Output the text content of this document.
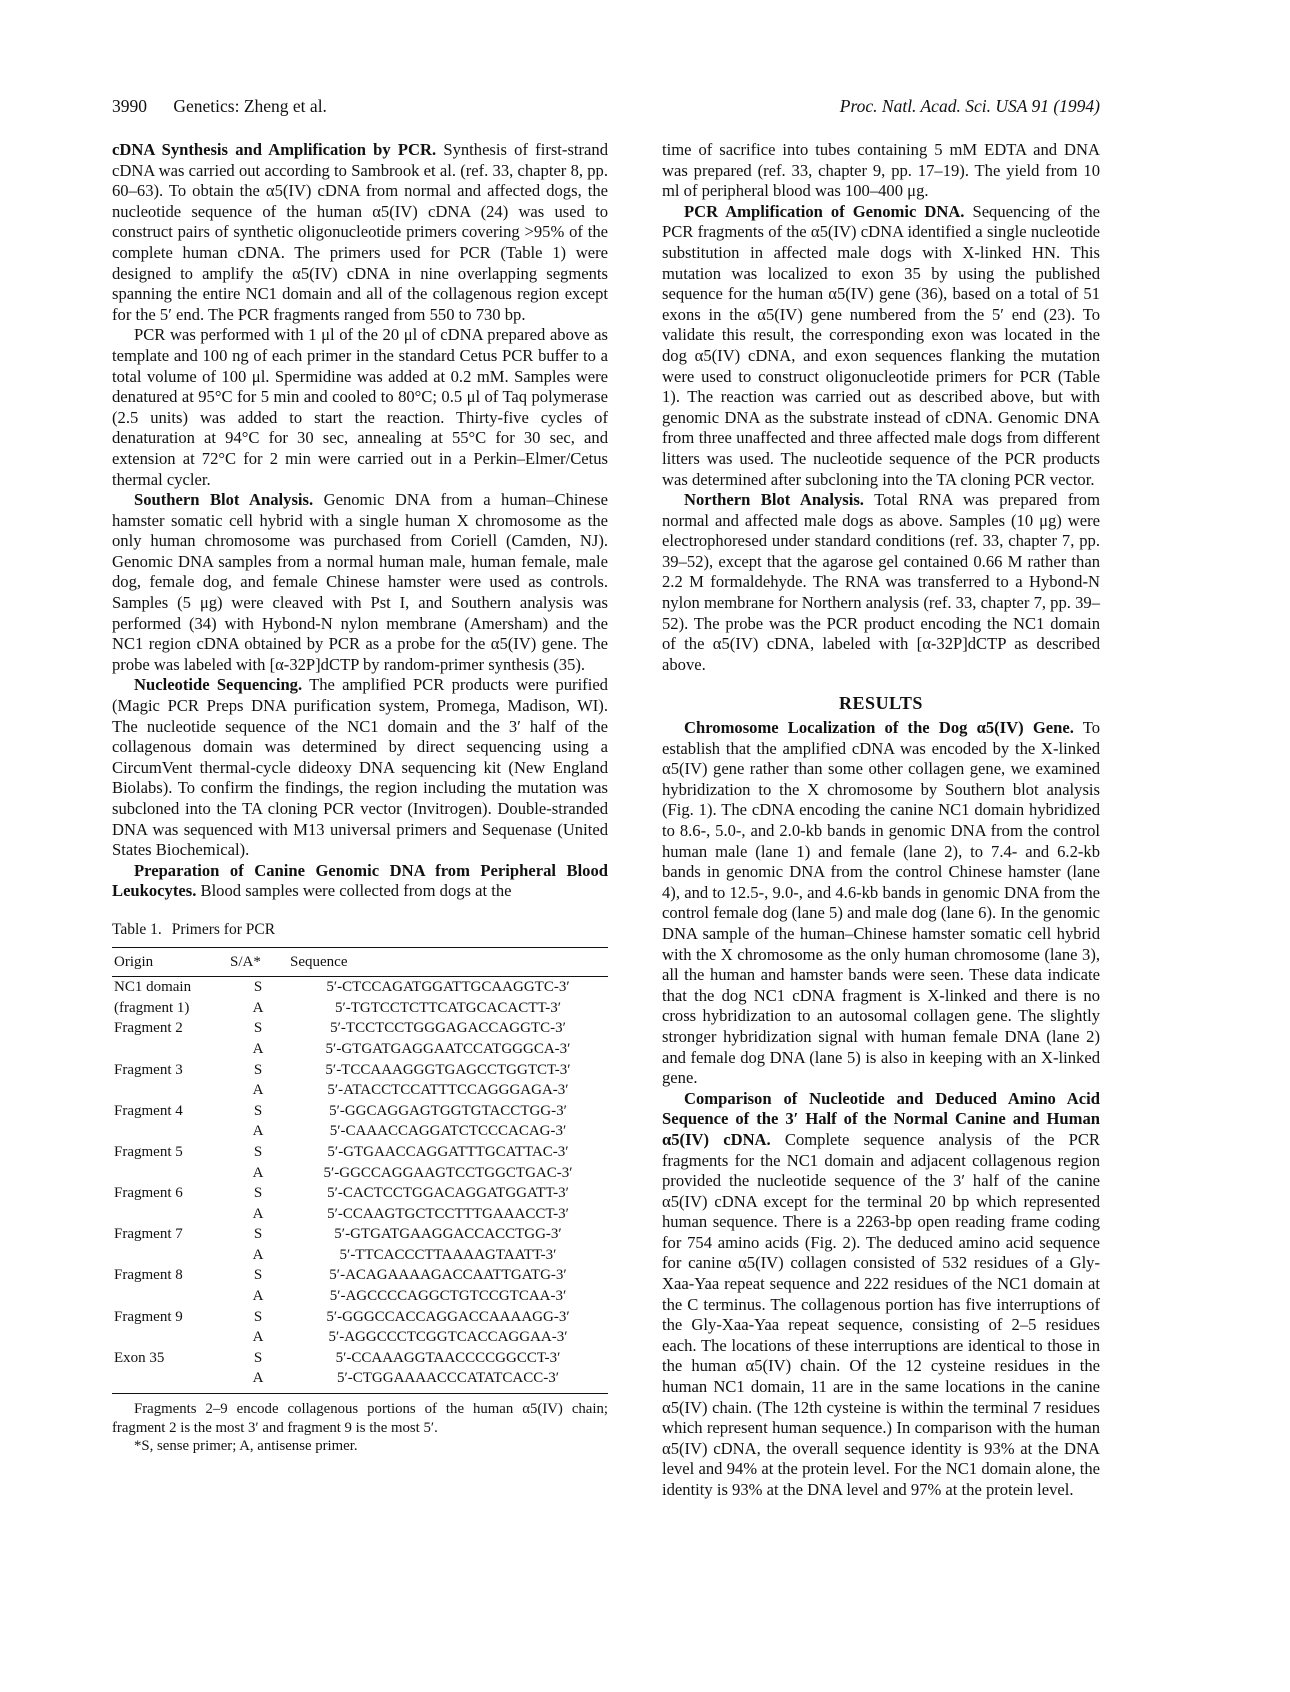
3990 Genetics: Zheng et al.	Proc. Natl. Acad. Sci. USA 91 (1994)

cDNA Synthesis and Amplification by PCR. Synthesis of first-strand cDNA was carried out according to Sambrook et al. (ref. 33, chapter 8, pp. 60–63). To obtain the α5(IV) cDNA from normal and affected dogs, the nucleotide sequence of the human α5(IV) cDNA (24) was used to construct pairs of synthetic oligonucleotide primers covering >95% of the complete human cDNA. The primers used for PCR (Table 1) were designed to amplify the α5(IV) cDNA in nine overlapping segments spanning the entire NC1 domain and all of the collagenous region except for the 5′ end. The PCR fragments ranged from 550 to 730 bp.

PCR was performed with 1 μl of the 20 μl of cDNA prepared above as template and 100 ng of each primer in the standard Cetus PCR buffer to a total volume of 100 μl. Spermidine was added at 0.2 mM. Samples were denatured at 95°C for 5 min and cooled to 80°C; 0.5 μl of Taq polymerase (2.5 units) was added to start the reaction. Thirty-five cycles of denaturation at 94°C for 30 sec, annealing at 55°C for 30 sec, and extension at 72°C for 2 min were carried out in a Perkin–Elmer/Cetus thermal cycler.

Southern Blot Analysis. Genomic DNA from a human–Chinese hamster somatic cell hybrid with a single human X chromosome as the only human chromosome was purchased from Coriell (Camden, NJ). Genomic DNA samples from a normal human male, human female, male dog, female dog, and female Chinese hamster were used as controls. Samples (5 μg) were cleaved with Pst I, and Southern analysis was performed (34) with Hybond-N nylon membrane (Amersham) and the NC1 region cDNA obtained by PCR as a probe for the α5(IV) gene. The probe was labeled with [α-32P]dCTP by random-primer synthesis (35).

Nucleotide Sequencing. The amplified PCR products were purified (Magic PCR Preps DNA purification system, Promega, Madison, WI). The nucleotide sequence of the NC1 domain and the 3′ half of the collagenous domain was determined by direct sequencing using a CircumVent thermal-cycle dideoxy DNA sequencing kit (New England Biolabs). To confirm the findings, the region including the mutation was subcloned into the TA cloning PCR vector (Invitrogen). Double-stranded DNA was sequenced with M13 universal primers and Sequenase (United States Biochemical).

Preparation of Canine Genomic DNA from Peripheral Blood Leukocytes. Blood samples were collected from dogs at the

Table 1. Primers for PCR
Origin	S/A*	Sequence
NC1 domain	S	5′-CTCCAGATGGATTGCAAGGTC-3′
(fragment 1)	A	5′-TGTCCTCTTCATGCACACTT-3′
Fragment 2	S	5′-TCCTCCTGGGAGACCAGGTC-3′
	A	5′-GTGATGAGGAATCCATGGGCA-3′
Fragment 3	S	5′-TCCAAAGGGTGAGCCTGGTCT-3′
	A	5′-ATACCTCCATTTCCAGGGAGA-3′
Fragment 4	S	5′-GGCAGGAGTGGTGTACCTGG-3′
	A	5′-CAAACCAGGATCTCCCACAG-3′
Fragment 5	S	5′-GTGAACCAGGATTTGCATTAC-3′
	A	5′-GGCCAGGAAGTCCTGGCTGAC-3′
Fragment 6	S	5′-CACTCCTGGACAGGATGGATT-3′
	A	5′-CCAAGTGCTCCTTTGAAACCT-3′
Fragment 7	S	5′-GTGATGAAGGACCACCTGG-3′
	A	5′-TTCACCCTTAAAAGTAATT-3′
Fragment 8	S	5′-ACAGAAAAGACCAATTGATG-3′
	A	5′-AGCCCCAGGCTGTCCGTCAA-3′
Fragment 9	S	5′-GGGCCACCAGGACCAAAAGG-3′
	A	5′-AGGCCCTCGGTCACCAGGAA-3′
Exon 35	S	5′-CCAAAGGTAACCCCGGCCT-3′
	A	5′-CTGGAAAACCCATATCACC-3′

Fragments 2–9 encode collagenous portions of the human α5(IV) chain; fragment 2 is the most 3′ and fragment 9 is the most 5′.

*S, sense primer; A, antisense primer.

time of sacrifice into tubes containing 5 mM EDTA and DNA was prepared (ref. 33, chapter 9, pp. 17–19). The yield from 10 ml of peripheral blood was 100–400 μg.

PCR Amplification of Genomic DNA. Sequencing of the PCR fragments of the α5(IV) cDNA identified a single nucleotide substitution in affected male dogs with X-linked HN. This mutation was localized to exon 35 by using the published sequence for the human α5(IV) gene (36), based on a total of 51 exons in the α5(IV) gene numbered from the 5′ end (23). To validate this result, the corresponding exon was located in the dog α5(IV) cDNA, and exon sequences flanking the mutation were used to construct oligonucleotide primers for PCR (Table 1). The reaction was carried out as described above, but with genomic DNA as the substrate instead of cDNA. Genomic DNA from three unaffected and three affected male dogs from different litters was used. The nucleotide sequence of the PCR products was determined after subcloning into the TA cloning PCR vector.

Northern Blot Analysis. Total RNA was prepared from normal and affected male dogs as above. Samples (10 μg) were electrophoresed under standard conditions (ref. 33, chapter 7, pp. 39–52), except that the agarose gel contained 0.66 M rather than 2.2 M formaldehyde. The RNA was transferred to a Hybond-N nylon membrane for Northern analysis (ref. 33, chapter 7, pp. 39–52). The probe was the PCR product encoding the NC1 domain of the α5(IV) cDNA, labeled with [α-32P]dCTP as described above.

RESULTS

Chromosome Localization of the Dog α5(IV) Gene. To establish that the amplified cDNA was encoded by the X-linked α5(IV) gene rather than some other collagen gene, we examined hybridization to the X chromosome by Southern blot analysis (Fig. 1). The cDNA encoding the canine NC1 domain hybridized to 8.6-, 5.0-, and 2.0-kb bands in genomic DNA from the control human male (lane 1) and female (lane 2), to 7.4- and 6.2-kb bands in genomic DNA from the control Chinese hamster (lane 4), and to 12.5-, 9.0-, and 4.6-kb bands in genomic DNA from the control female dog (lane 5) and male dog (lane 6). In the genomic DNA sample of the human–Chinese hamster somatic cell hybrid with the X chromosome as the only human chromosome (lane 3), all the human and hamster bands were seen. These data indicate that the dog NC1 cDNA fragment is X-linked and there is no cross hybridization to an autosomal collagen gene. The slightly stronger hybridization signal with human female DNA (lane 2) and female dog DNA (lane 5) is also in keeping with an X-linked gene.

Comparison of Nucleotide and Deduced Amino Acid Sequence of the 3′ Half of the Normal Canine and Human α5(IV) cDNA. Complete sequence analysis of the PCR fragments for the NC1 domain and adjacent collagenous region provided the nucleotide sequence of the 3′ half of the canine α5(IV) cDNA except for the terminal 20 bp which represented human sequence. There is a 2263-bp open reading frame coding for 754 amino acids (Fig. 2). The deduced amino acid sequence for canine α5(IV) collagen consisted of 532 residues of a Gly-Xaa-Yaa repeat sequence and 222 residues of the NC1 domain at the C terminus. The collagenous portion has five interruptions of the Gly-Xaa-Yaa repeat sequence, consisting of 2–5 residues each. The locations of these interruptions are identical to those in the human α5(IV) chain. Of the 12 cysteine residues in the human NC1 domain, 11 are in the same locations in the canine α5(IV) chain. (The 12th cysteine is within the terminal 7 residues which represent human sequence.) In comparison with the human α5(IV) cDNA, the overall sequence identity is 93% at the DNA level and 94% at the protein level. For the NC1 domain alone, the identity is 93% at the DNA level and 97% at the protein level.
